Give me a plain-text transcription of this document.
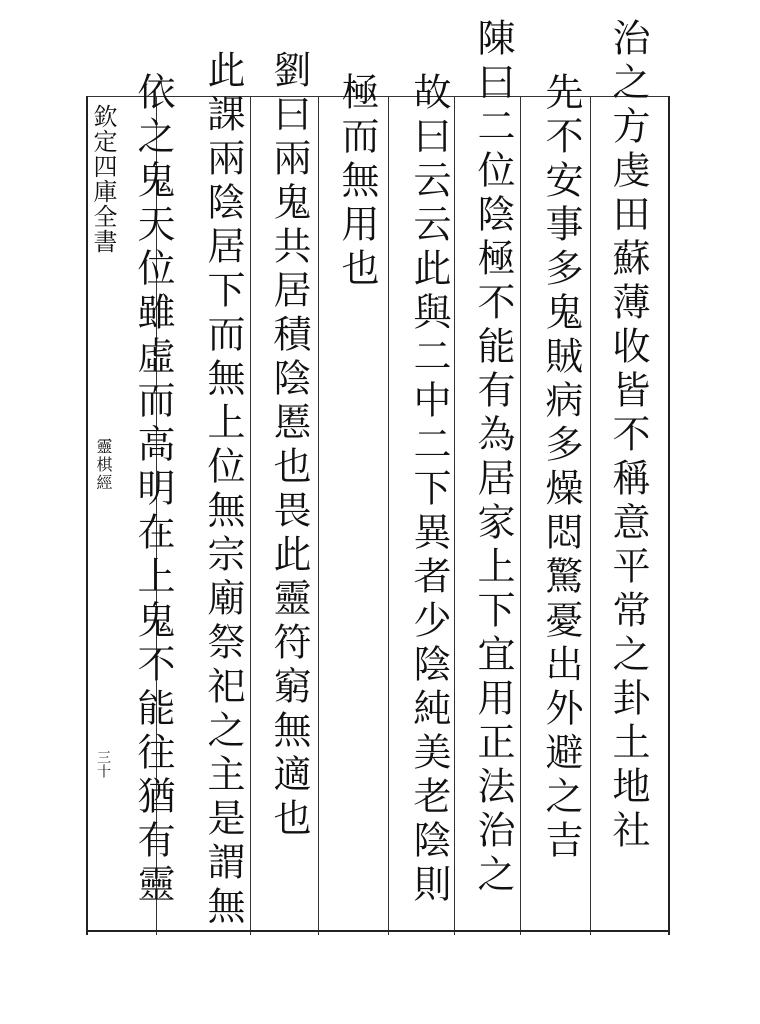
欽定四庫全書
靈棋經
三十	治之方虔田蘇薄收皆不稱意平常之卦土地社
先不安事多鬼賊病多燥悶驚憂出外避之吉
陳曰二位陰極不能有為居家上下宜用正法治之
故曰云云此與二中二下異者少陰純美老陰則
極而無用也
劉曰兩鬼共居積陰慝也畏此靈符窮無適也
此課兩陰居下而無上位無宗廟祭祀之主是謂無
依之鬼天位雖虛而高明在上鬼不能往猶有靈
